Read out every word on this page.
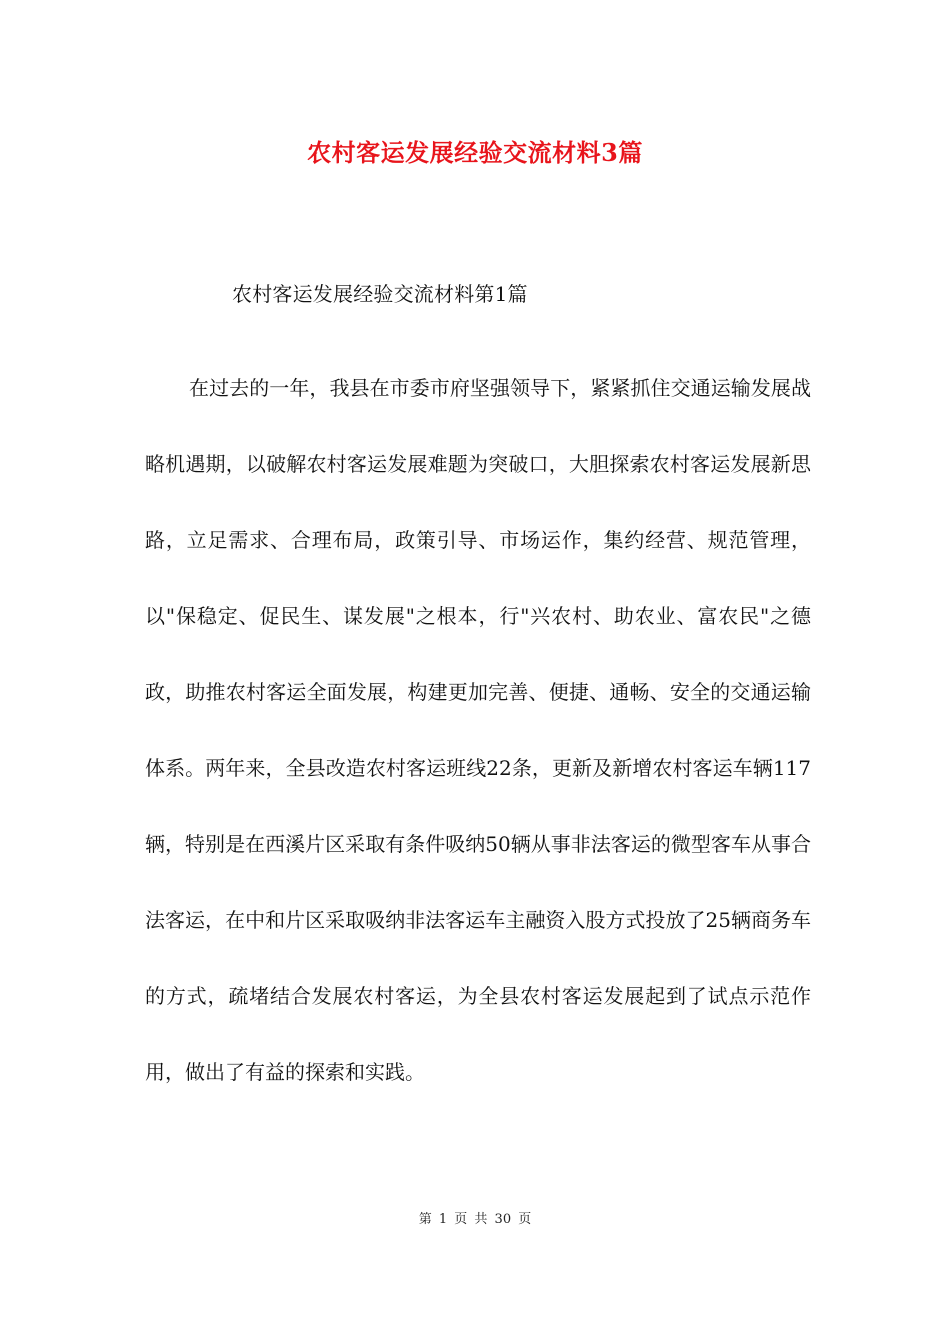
农村客运发展经验交流材料3篇
农村客运发展经验交流材料第1篇

在过去的一年，我县在市委市府坚强领导下，紧紧抓住交通运输发展战略机遇期，以破解农村客运发展难题为突破口，大胆探索农村客运发展新思路，立足需求、合理布局，政策引导、市场运作，集约经营、规范管理，以"保稳定、促民生、谋发展"之根本，行"兴农村、助农业、富农民"之德政，助推农村客运全面发展，构建更加完善、便捷、通畅、安全的交通运输体系。两年来，全县改造农村客运班线22条，更新及新增农村客运车辆117辆，特别是在西溪片区采取有条件吸纳50辆从事非法客运的微型客车从事合法客运，在中和片区采取吸纳非法客运车主融资入股方式投放了25辆商务车的方式，疏堵结合发展农村客运，为全县农村客运发展起到了试点示范作用，做出了有益的探索和实践。

第 1 页 共 30 页
